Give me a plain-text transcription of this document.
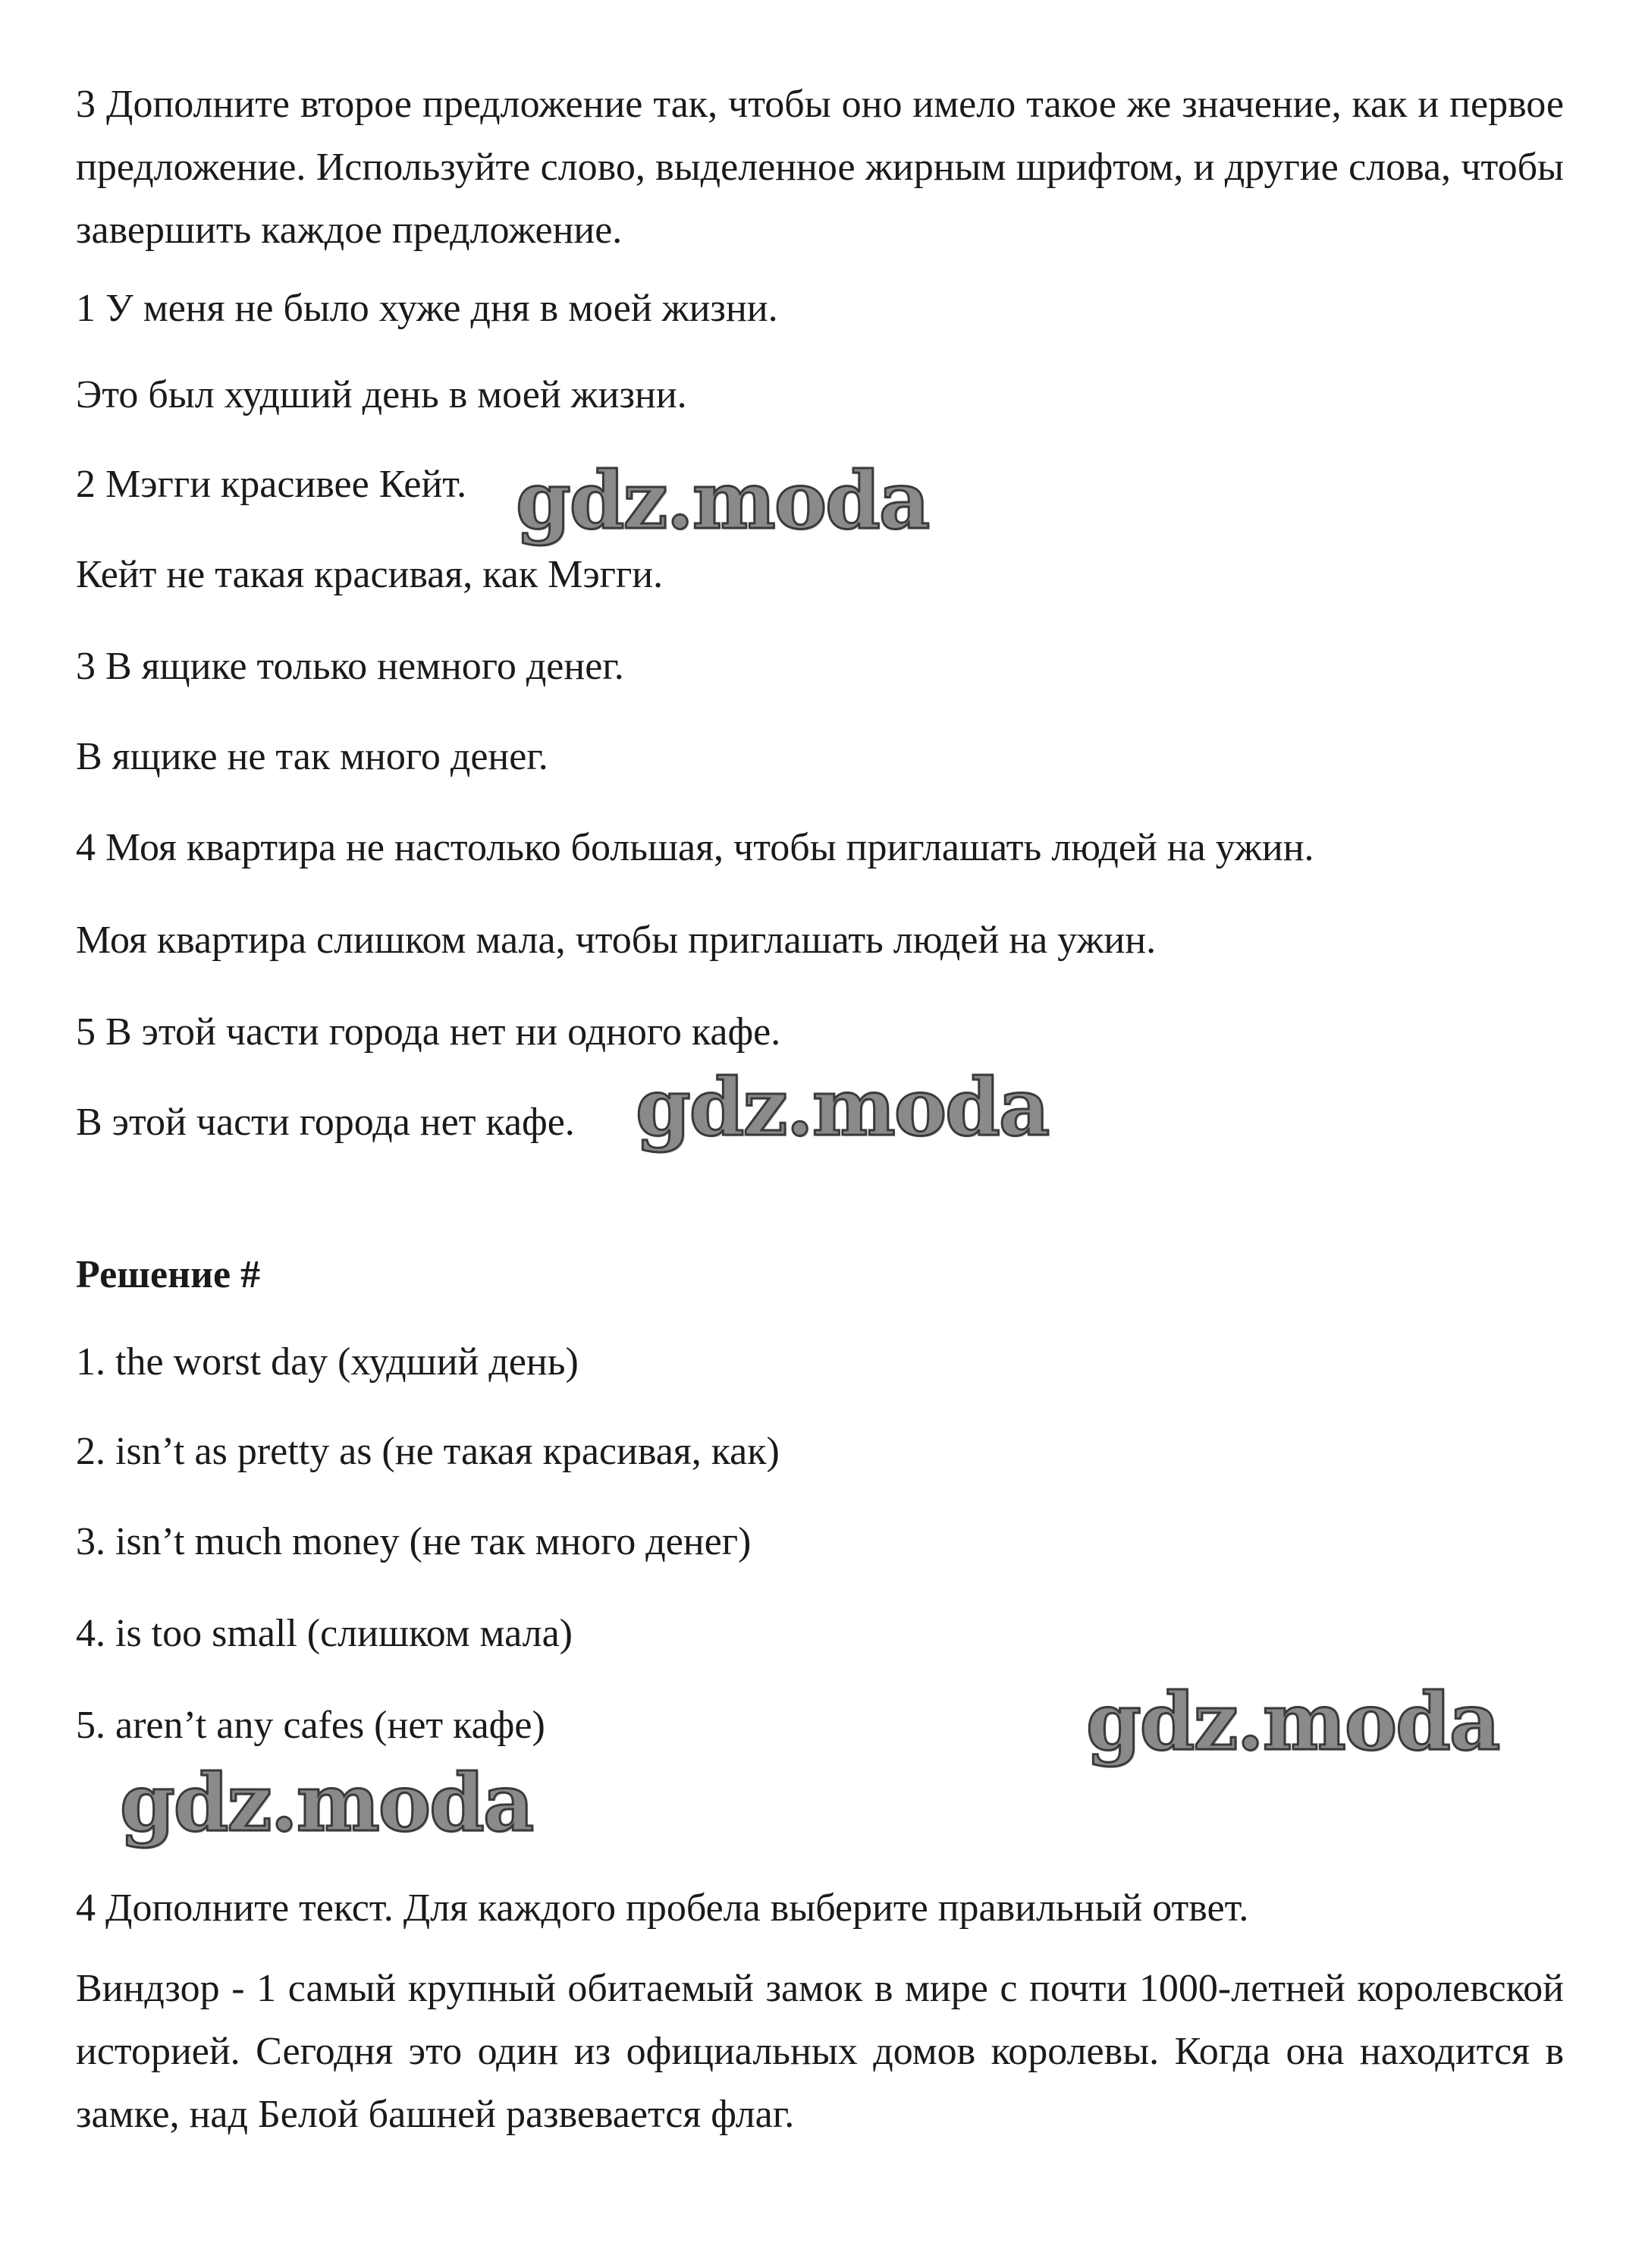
3 Дополните второе предложение так, чтобы оно имело такое же значение, как и первое предложение. Используйте слово, выделенное жирным шрифтом, и другие слова, чтобы завершить каждое предложение.

1 У меня не было хуже дня в моей жизни.

Это был худший день в моей жизни.

2 Мэгги красивее Кейт.

Кейт не такая красивая, как Мэгги.

3 В ящике только немного денег.

В ящике не так много денег.

4 Моя квартира не настолько большая, чтобы приглашать людей на ужин.

Моя квартира слишком мала, чтобы приглашать людей на ужин.

5 В этой части города нет ни одного кафе.

В этой части города нет кафе.

Решение #

1. the worst day (худший день)

2. isn’t as pretty as (не такая красивая, как)

3. isn’t much money (не так много денег)

4. is too small (слишком мала)

5. aren’t any cafes (нет кафе)

4 Дополните текст. Для каждого пробела выберите правильный ответ.

Виндзор - 1 самый крупный обитаемый замок в мире с почти 1000-летней королевской историей. Сегодня это один из официальных домов королевы. Когда она находится в замке, над Белой башней развевается флаг.

gdz.moda
gdz.moda
gdz.moda
gdz.moda
